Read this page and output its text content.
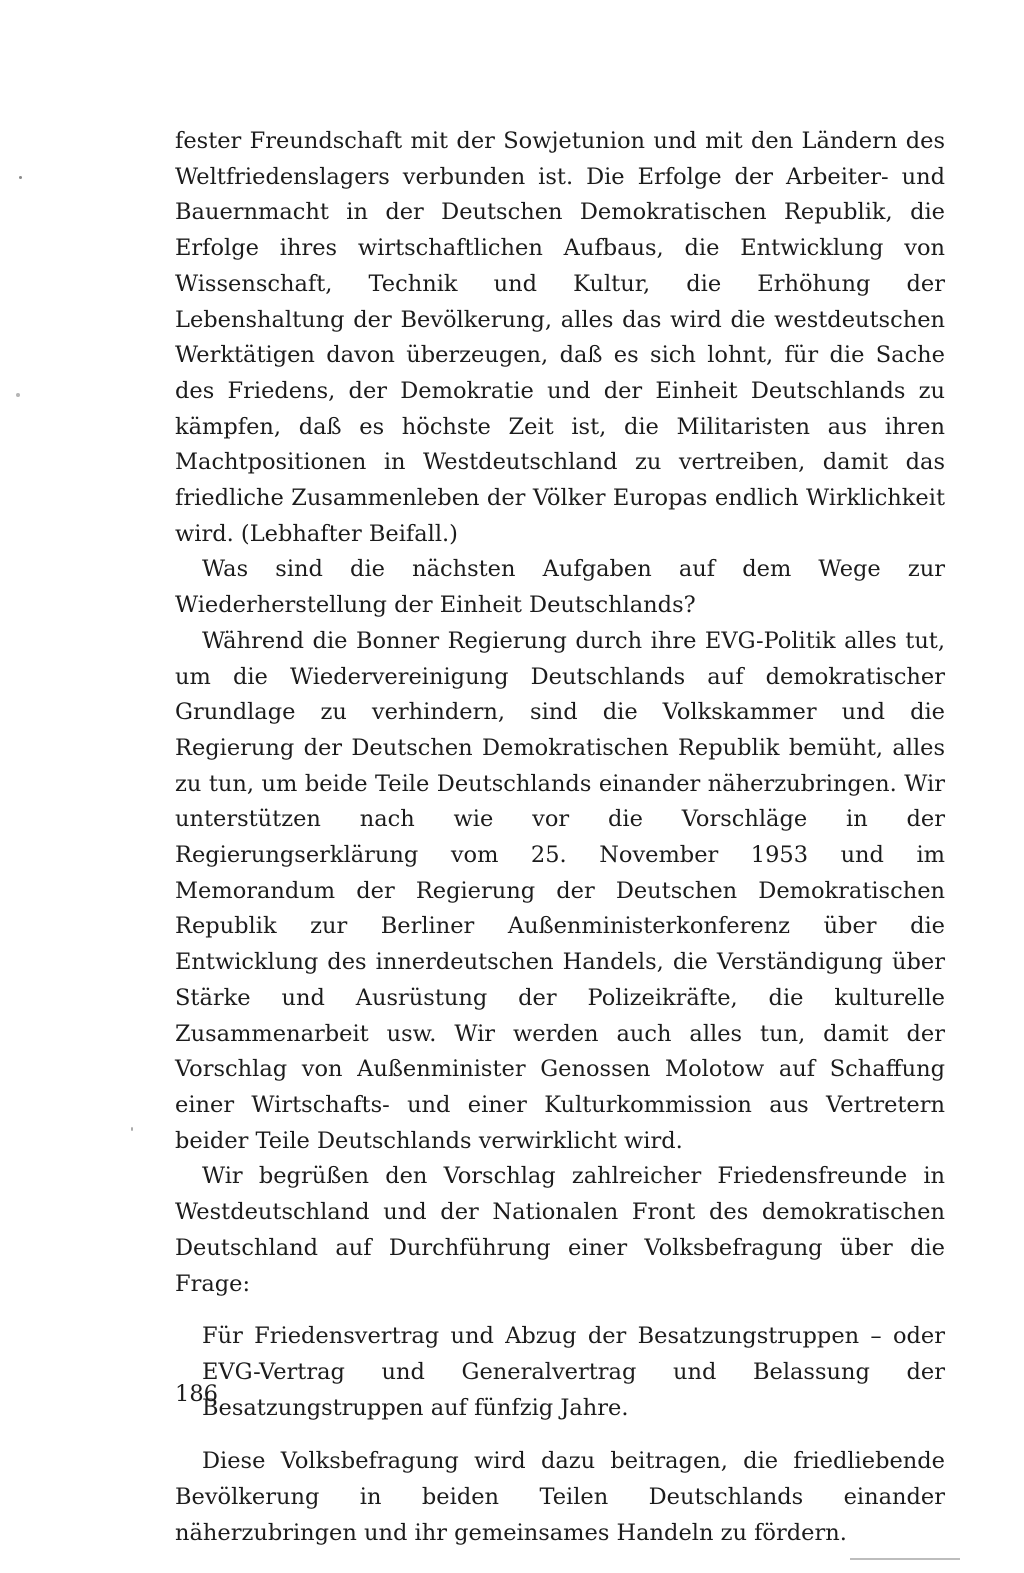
fester Freundschaft mit der Sowjetunion und mit den Ländern des Weltfriedenslagers verbunden ist. Die Erfolge der Arbeiter- und Bauernmacht in der Deutschen Demokratischen Republik, die Erfolge ihres wirtschaftlichen Aufbaus, die Entwicklung von Wissenschaft, Technik und Kultur, die Erhöhung der Lebenshaltung der Bevölkerung, alles das wird die westdeutschen Werktätigen davon überzeugen, daß es sich lohnt, für die Sache des Friedens, der Demokratie und der Einheit Deutschlands zu kämpfen, daß es höchste Zeit ist, die Militaristen aus ihren Machtpositionen in Westdeutschland zu vertreiben, damit das friedliche Zusammenleben der Völker Europas endlich Wirklichkeit wird. (Lebhafter Beifall.)

Was sind die nächsten Aufgaben auf dem Wege zur Wiederherstellung der Einheit Deutschlands?

Während die Bonner Regierung durch ihre EVG-Politik alles tut, um die Wiedervereinigung Deutschlands auf demokratischer Grundlage zu verhindern, sind die Volkskammer und die Regierung der Deutschen Demokratischen Republik bemüht, alles zu tun, um beide Teile Deutschlands einander näherzubringen. Wir unterstützen nach wie vor die Vorschläge in der Regierungserklärung vom 25. November 1953 und im Memorandum der Regierung der Deutschen Demokratischen Republik zur Berliner Außenministerkonferenz über die Entwicklung des innerdeutschen Handels, die Verständigung über Stärke und Ausrüstung der Polizeikräfte, die kulturelle Zusammenarbeit usw. Wir werden auch alles tun, damit der Vorschlag von Außenminister Genossen Molotow auf Schaffung einer Wirtschafts- und einer Kulturkommission aus Vertretern beider Teile Deutschlands verwirklicht wird.

Wir begrüßen den Vorschlag zahlreicher Friedensfreunde in Westdeutschland und der Nationalen Front des demokratischen Deutschland auf Durchführung einer Volksbefragung über die Frage:

Für Friedensvertrag und Abzug der Besatzungstruppen – oder EVG-Vertrag und Generalvertrag und Belassung der Besatzungstruppen auf fünfzig Jahre.

Diese Volksbefragung wird dazu beitragen, die friedliebende Bevölkerung in beiden Teilen Deutschlands einander näherzubringen und ihr gemeinsames Handeln zu fördern.

186
